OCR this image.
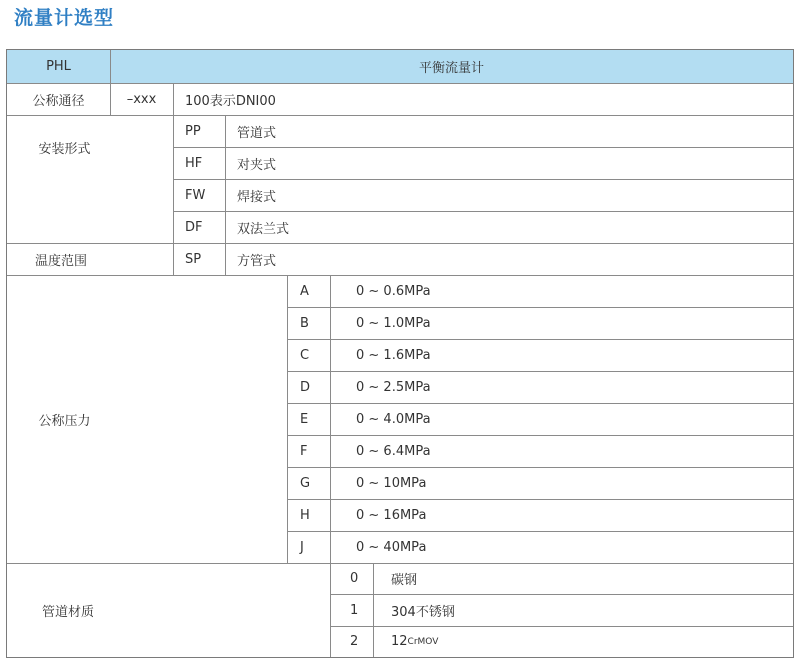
流量计选型
PHL	平衡流量计
公称通径	–xxx 100表示DNI00
安装形式
PP	管道式
HF	对夹式
FW 焊接式
DF	双法兰式
温度范围	SP	方管式
公称压力
A	0 ~ 0.6MPa
B	0 ~ 1.0MPa
C	0 ~ 1.6MPa
D	0 ~ 2.5MPa
E	0 ~ 4.0MPa
F	0 ~ 6.4MPa
G	0 ~ 10MPa
H	0 ~ 16MPa
J	0 ~ 40MPa
管道材质
0	碳钢
1	304不锈钢
2	12 CrMOV
